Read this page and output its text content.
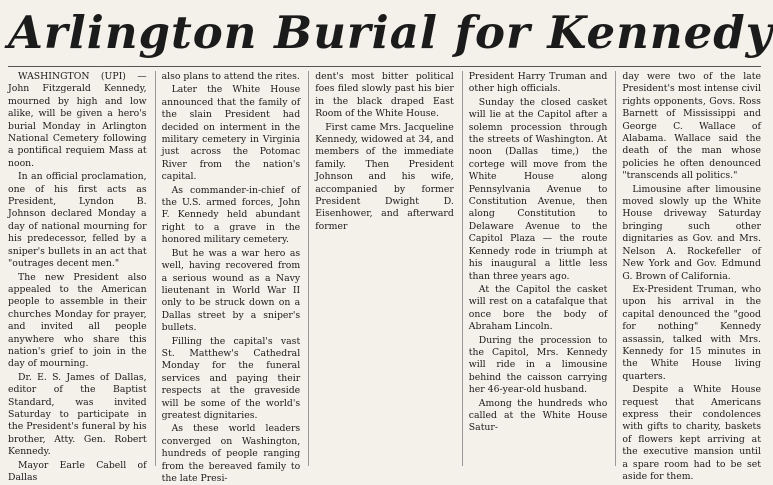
Arlington Burial for Kennedy

WASHINGTON (UPI) — John Fitzgerald Kennedy, mourned by high and low alike, will be given a hero's burial Monday in Arlington National Cemetery following a pontifical requiem Mass at noon.

In an official proclamation, one of his first acts as President, Lyndon B. Johnson declared Monday a day of national mourning for his predecessor, felled by a sniper's bullets in an act that "outrages decent men."

The new President also appealed to the American people to assemble in their churches Monday for prayer, and invited all people anywhere who share this nation's grief to join in the day of mourning.

Dr. E. S. James of Dallas, editor of the Baptist Standard, was invited Saturday to participate in the President's funeral by his brother, Atty. Gen. Robert Kennedy.

Mayor Earle Cabell of Dallas

also plans to attend the rites.

Later the White House announced that the family of the slain President had decided on interment in the military cemetery in Virginia just across the Potomac River from the nation's capital.

As commander-in-chief of the U.S. armed forces, John F. Kennedy held abundant right to a grave in the honored military cemetery.

But he was a war hero as well, having recovered from a serious wound as a Navy lieutenant in World War II only to be struck down on a Dallas street by a sniper's bullets.

Filling the capital's vast St. Matthew's Cathedral Monday for the funeral services and paying their respects at the graveside will be some of the world's greatest dignitaries.

As these world leaders converged on Washington, hundreds of people ranging from the bereaved family to the late Presi-

dent's most bitter political foes filed slowly past his bier in the black draped East Room of the White House.

First came Mrs. Jacqueline Kennedy, widowed at 34, and members of the immediate family. Then President Johnson and his wife, accompanied by former President Dwight D. Eisenhower, and afterward former

President Harry Truman and other high officials.

Sunday the closed casket will lie at the Capitol after a solemn procession through the streets of Washington. At noon (Dallas time,) the cortege will move from the White House along Pennsylvania Avenue to Constitution Avenue, then along Constitution to Delaware Avenue to the Capitol Plaza — the route Kennedy rode in triumph at his inaugural a little less than three years ago.

At the Capitol the casket will rest on a catafalque that once bore the body of Abraham Lincoln.

During the procession to the Capitol, Mrs. Kennedy will ride in a limousine behind the caisson carrying her 46-year-old husband.

Among the hundreds who called at the White House Satur-

day were two of the late President's most intense civil rights opponents, Govs. Ross Barnett of Mississippi and George C. Wallace of Alabama. Wallace said the death of the man whose policies he often denounced "transcends all politics."

Limousine after limousine moved slowly up the White House driveway Saturday bringing such other dignitaries as Gov. and Mrs. Nelson A. Rockefeller of New York and Gov. Edmund G. Brown of California.

Ex-President Truman, who upon his arrival in the capital denounced the "good for nothing" Kennedy assassin, talked with Mrs. Kennedy for 15 minutes in the White House living quarters.

Despite a White House request that Americans express their condolences with gifts to charity, baskets of flowers kept arriving at the executive mansion until a spare room had to be set aside for them.
